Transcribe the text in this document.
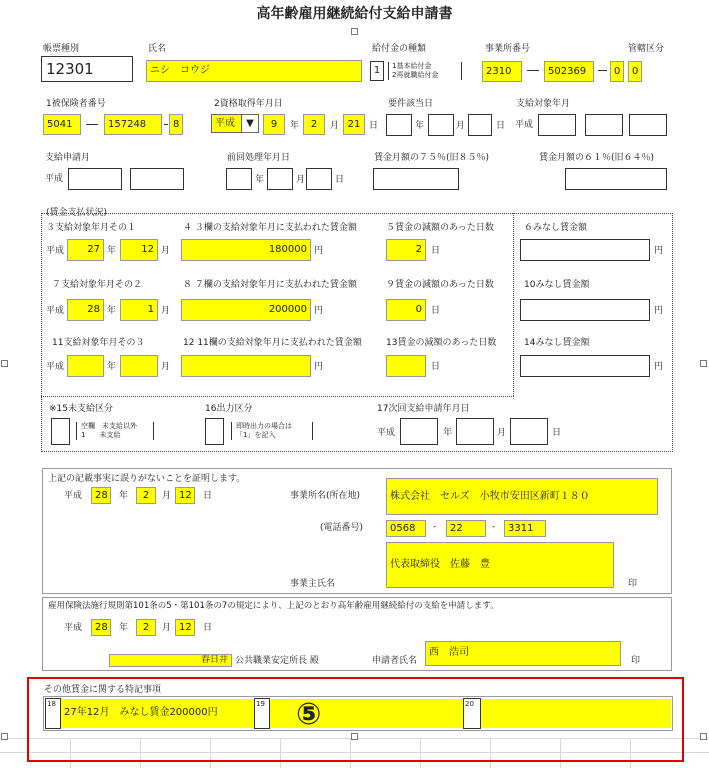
高年齢雇用継続給付支給申請書
帳票種別
12301
氏名
ニシ　コウジ
給付金の種類
1	1基本給付金
2再就職給付金
事業所番号
2310	502369	0
管轄区分
0
1被保険者番号
5041	157248	8
2資格取得年月日
平成	▼	9	年	2	月 21 日
要件該当日
年	月	日
支給対象年月
平成
支給申請月
平成
前回処理年月日
年	月	日
賃金月額の７５％(旧８５％)	賃金月額の６１％(旧６４％)
(賃金支払状況)
３支給対象年月その１
平成	27 年	12 月
４ ３欄の支給対象年月に支払われた賃金額
180000 円
５賃金の減額のあった日数
2	日
６みなし賃金額
円
７支給対象年月その２
平成	28 年	1 月
８ ７欄の支給対象年月に支払われた賃金額
200000 円
９賃金の減額のあった日数
0	日
10みなし賃金額
円
11支給対象年月その３
平成	年	月
12 11欄の支給対象年月に支払われた賃金額
円
13賃金の減額のあった日数
日
14みなし賃金額
円
※15未支給区分
空欄　未支給以外
1　　未支給
16出力区分
即時出力の場合は
「1」を記入
17次回支給申請年月日
平成	年	月	日
上記の記載事実に誤りがないことを証明します。
平成	28	年	2	月 12	日	事業所名(所在地)	株式会社　セルズ　小牧市安田区新町１８０
(電話番号)	0568	-	22	-	3311
代表取締役　佐藤　豊
事業主氏名	印
雇用保険法施行規則第101条の5・第101条の7の規定により、上記のとおり高年齢雇用継続給付の支給を申請します。
平成	28	年	2	月 12	日
春日井 公共職業安定所長 殿	申請者氏名
西　浩司
印
その他賃金に関する特記事項
18
27年12月　みなし賃金200000円
19	20
⑤
